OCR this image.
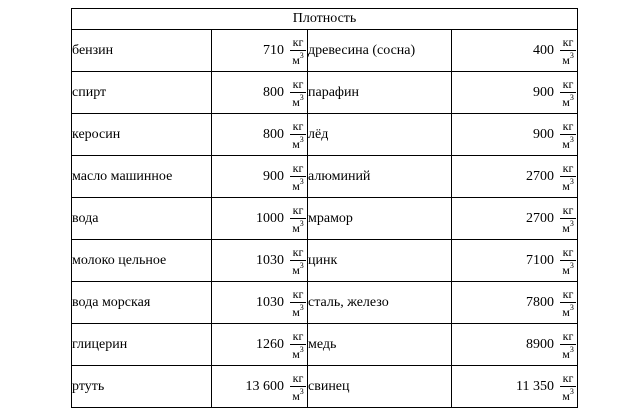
Плотность			
бензин	$710 \frac{кг}{м^3}$	древесина (сосна)	$400 \frac{кг}{м^3}$

спирт	$800 \frac{кг}{м^3}$	парафин	$900 \frac{кг}{м^3}$

керосин	$800 \frac{кг}{м^3}$	лёд	$900 \frac{кг}{м^3}$

масло машинное	$900 \frac{кг}{м^3}$	алюминий	$2700 \frac{кг}{м^3}$

вода	$1000 \frac{кг}{м^3}$	мрамор	$2700 \frac{кг}{м^3}$

молоко цельное	$1030 \frac{кг}{м^3}$	цинк	$7100 \frac{кг}{м^3}$

вода морская	$1030 \frac{кг}{м^3}$	сталь, железо	$7800 \frac{кг}{м^3}$

глицерин	$1260 \frac{кг}{м^3}$	медь	$8900 \frac{кг}{м^3}$

ртуть	13 $600 \frac{кг}{м^3}$	свинец	11 $350 \frac{кг}{м^3}$
